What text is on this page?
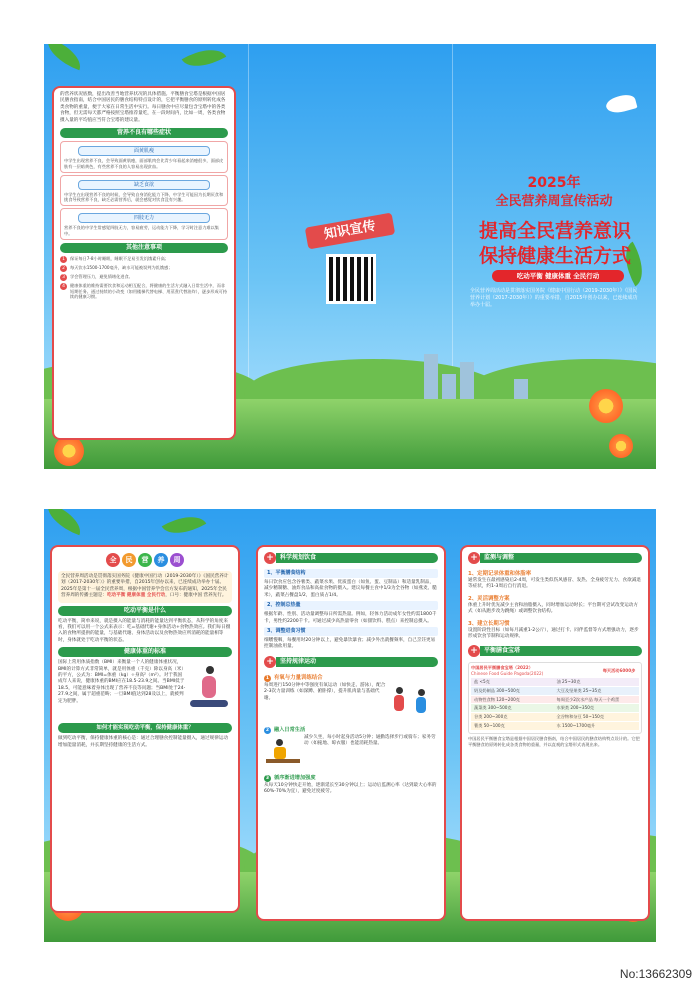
的营养状况底数，提出改善当地营养状况的具体措施。平衡膳食宝塔是根据中国居民膳食指南，结合中国居民的膳食结构特点设计的，它把平衡膳食的原则转化成各类食物的重量，便于大家在日常生活中实行。每日膳食中应尽量包含宝塔中的各类食物，但无需每天都严格按照宝塔推荐量吃，在一段时间内，比如一周，各类食物摄入量的平均值应当符合宝塔的建议量。

营养不良有哪些症状
面黄肌瘦
中学生出现营养不良，会导致面黄肌瘦，面部肌肉会比青少年看起来消瘦很多，面部皮肤有一层暗黄色，有些营养不良的人容易出现贫血。
缺乏食欲
中学生在出现营养不良的时候，会导致自身消化能力下降，中学生可能因为长期厌食和挑食导致营养不良，缺乏必需营养后，就会感觉对饮食没有兴趣。
四肢无力
营养不良的中学生常感觉四肢无力，容易疲劳，运动能力下降，学习时注意力难以集中。
其他注意事项
1	保证每日7-8小时睡眠，睡眠不足易引发饥饿素升高；
2	每天饮水1500-1700毫升，缺水可能被误判为饥饿感；
3	学会管理压力，避免情绪化进食。
4	健康体重的维持需要饮食和运动相互配合，将健康的生活方式融入日常生活中，而非短期任务。通过持续的小改变（如用楼梯代替电梯、用蒸煮代替油炸），逐步形成可持续的健康习惯。
知识宣传
2025年
全民营养周宣传活动
提高全民营养意识
保持健康生活方式
吃动平衡 健康体重 全民行动
全民营养周活动是贯彻落实国务院《健康中国行动（2019-2030年）》《国民营养计划（2017-2030年）》的重要举措，自2015年创办以来，已连续成功举办十届。
全	民	营	养	周

全民营养周活动是贯彻落实国务院《健康中国行动（2019-2030年）》《国民营养计划（2017-2030年）》的重要举措，自2015年创办以来，已连续成功举办十届。

2025年是第十一届全民营养周，根据中国营养学会官方发布的通知，2025年全民营养周的传播主题是：吃动平衡 健康体重 全民行动，口号：健康中国 营养先行。

吃动平衡是什么

吃动平衡，简单来说，就是摄入的能量与消耗的能量达到平衡状态，从科学的角度来看，我们可以用一个公式来表示：吃=基础代谢+身体活动+食物热效应。我们每日摄入的食物所提供的能量，与基础代谢、身体活动以及食物热效应所消耗的能量相等时，身体就处于吃动平衡的状态。

健康体重的标准

国际上常用体质指数（BMI）来衡量一个人的健康体重状况，BMI的计算方式非常简单，就是用体重（千克）除以身高（米）的平方，公式为：BMI=体重（kg）÷身高²（m²）。对于我国成年人来说，健康体重的BMI应在18.5-23.9之间。当BMI低于18.5，可能意味着身体出现了营养不良等问题；当BMI处于24-27.9之间，属于超重范畴；一旦BMI值达到28及以上，就被判定为肥胖。

如何才能实现吃动平衡，保持健康体重？

做到吃动平衡，保持健康体重的核心是：通过合理膳食控制能量摄入，通过规律运动增加能量消耗，并长期坚持健康的生活方式。

+	科学规划饮食
1、平衡膳食结构

每日饮食应包含谷薯类、蔬菜水果、优质蛋白（如鱼、蛋、豆制品）和适量乳制品，减少精制糖、油炸食品和高盐食物的摄入。建议每餐主食中1/3为全谷物（如燕麦、糙米），蔬菜占餐盘1/2，蛋白质占1/4。

2、控制总热量

根据年龄、性别、活动量调整每日所需热量。例如，轻体力活动成年女性约需1800千卡，男性约2200千卡。可通过减少高热量零食（如甜饮料、糕点）来控制总摄入。

3、调整进食习惯

细嚼慢咽，每餐用时20分钟以上，避免暴饮暴食；减少外出就餐频率，自己烹饪更易控制油盐用量。

+	坚持规律运动
1 有氧与力量训练结合

每周进行150分钟中等强度有氧运动（如快走、游泳），配合2-3次力量训练（如深蹲、俯卧撑），提升肌肉量与基础代谢。

2 融入日常生活

减少久坐，每小时起身活动5分钟；通勤选择步行或骑车；家务劳动（如拖地、晾衣服）也能消耗热量。

3 循序渐进增加强度

从每天10分钟快走开始，逐渐延长至30分钟以上；运动后监测心率（达到最大心率的60%-70%为宜），避免过度疲劳。

+	监测与调整
1、定期记录体重和体脂率

通常发生在最初感染后2-4周，可发生类似伤风感冒、发热、全身疲劳无力、食欲减退等症状，约1-3周后自行消退。

2、灵活调整方案

体重上升时优先减少主食和油脂摄入，同时增加运动时长；平台期可尝试改变运动方式（如从跑步改为跳绳）或调整饮食结构。

3、建立长期习惯

设置阶段性目标（如每月减重1-2公斤），通过打卡、同伴监督等方式增强动力，逐步形成饮食节制和运动规律。

+	平衡膳食宝塔
中国居民平衡膳食宝塔（2022）
Chinese Food Guide Pagoda(2022)
每天活动6000步
盐 <5克	油 25~30克
奶及奶制品 300~500克	大豆及坚果类 25~35克
动物性食物 120~200克	每周至少2次水产品 每天一个鸡蛋
蔬菜类 300~500克	水果类 200~350克
谷类 200~300克	全谷物和杂豆 50~150克
薯类 50~100克	水 1500~1700毫升

中国居民平衡膳食宝塔是根据中国居民膳食指南，结合中国居民的膳食结构特点设计的。它把平衡膳食的原则转化成各类食物的重量，并以直观的宝塔形式表现出来。

No:13662309
